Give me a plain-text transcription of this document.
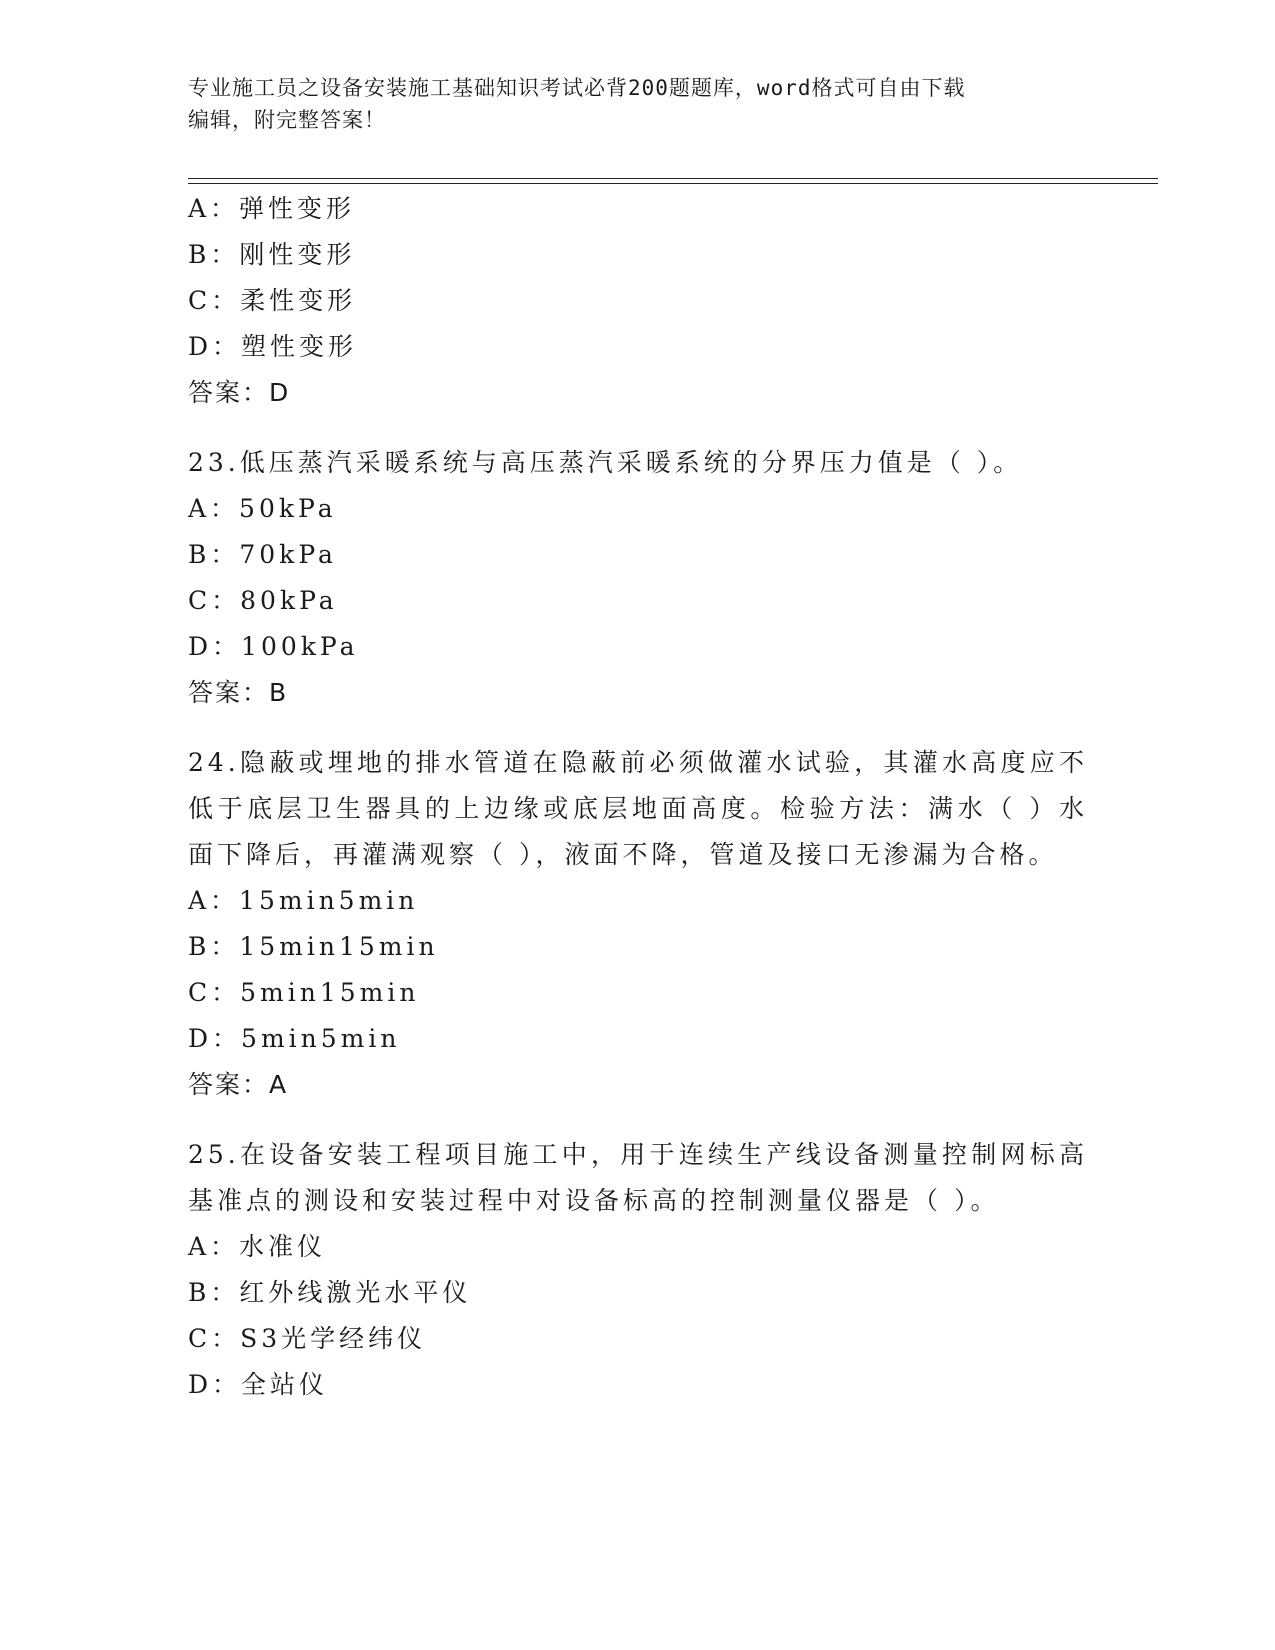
专业施工员之设备安装施工基础知识考试必背200题题库，word格式可自由下载
编辑，附完整答案！
A：弹性变形
B：刚性变形
C：柔性变形
D：塑性变形
答案：D
23.低压蒸汽采暖系统与高压蒸汽采暖系统的分界压力值是（ ）。
A：50kPa
B：70kPa
C：80kPa
D：100kPa
答案：B
24.隐蔽或埋地的排水管道在隐蔽前必须做灌水试验，其灌水高度应不低于底层卫生器具的上边缘或底层地面高度。检验方法：满水（ ）水面下降后，再灌满观察（ ），液面不降，管道及接口无渗漏为合格。
A：15min5min
B：15min15min
C：5min15min
D：5min5min
答案：A
25.在设备安装工程项目施工中，用于连续生产线设备测量控制网标高基准点的测设和安装过程中对设备标高的控制测量仪器是（ ）。
A：水准仪
B：红外线激光水平仪
C：S3光学经纬仪
D：全站仪
